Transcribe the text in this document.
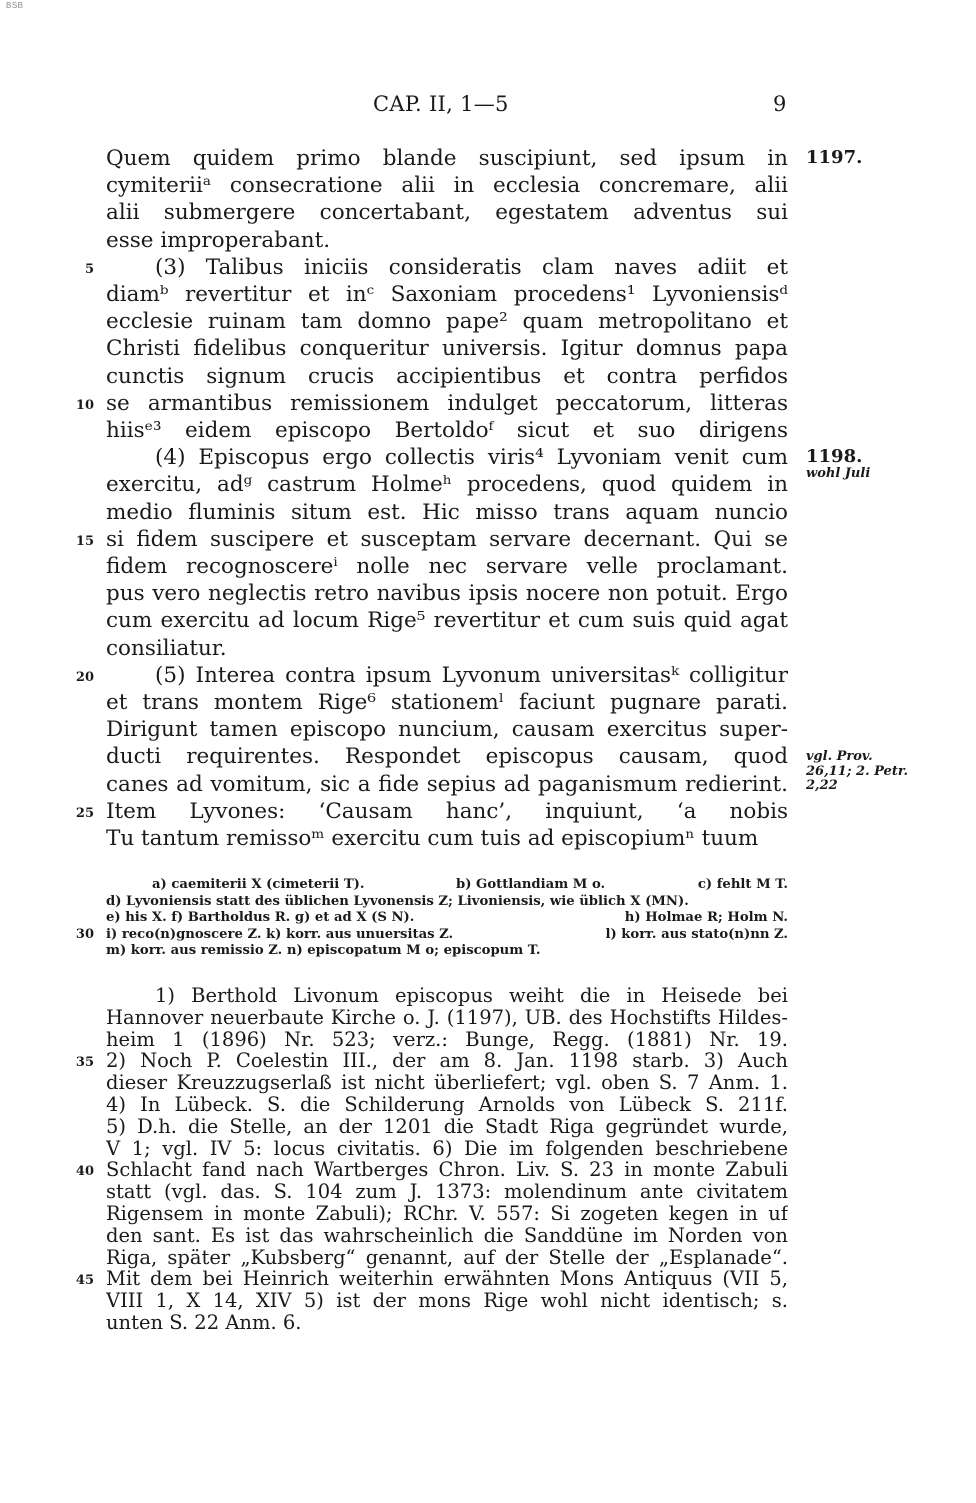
BSB
CAP. II, 1—5	9
Quem quidem primo blande suscipiunt, sed ipsum in
cymiteriiᵃ consecratione alii in ecclesia concremare, alii
alii submergere concertabant, egestatem adventus sui
esse improperabant.
(3) Talibus iniciis consideratis clam naves adiit et
5
diamᵇ revertitur et inᶜ Saxoniam procedens¹ Lyvoniensisᵈ
ecclesie ruinam tam domno pape² quam metropolitano et
Christi fidelibus conqueritur universis. Igitur domnus papa
cunctis signum crucis accipientibus et contra perfidos
se armantibus remissionem indulget peccatorum, litteras
10
hiisᵉ³ eidem episcopo Bertoldoᶠ sicut et suo dirigens
(4) Episcopus ergo collectis viris⁴ Lyvoniam venit cum
exercitu, adᵍ castrum Holmeʰ procedens, quod quidem in
medio fluminis situm est. Hic misso trans aquam nuncio
si fidem suscipere et susceptam servare decernant. Qui se
15
fidem recognoscereⁱ nolle nec servare velle proclamant.
pus vero neglectis retro navibus ipsis nocere non potuit. Ergo
cum exercitu ad locum Rige⁵ revertitur et cum suis quid agat
consiliatur.
(5) Interea contra ipsum Lyvonum universitasᵏ colligitur
20
et trans montem Rige⁶ stationemˡ faciunt pugnare parati.
Dirigunt tamen episcopo nuncium, causam exercitus super-
ducti requirentes. Respondet episcopus causam, quod
canes ad vomitum, sic a fide sepius ad paganismum redierint.
Item Lyvones: ‘Causam hanc’, inquiunt, ‘a nobis
25
Tu tantum remissoᵐ exercitu cum tuis ad episcopiumⁿ tuum
1197.
1198.
wohl Juli
vgl. Prov.
26,11; 2. Petr.
2,22
a) caemiterii X (cimeterii T).	b) Gottlandiam M o.	c) fehlt M T.
d) Lyvoniensis statt des üblichen Lyvonensis Z; Livoniensis, wie üblich X (MN).
e) his X. f) Bartholdus R. g) et ad X (S N).	h) Holmae R; Holm N.
i) reco(n)gnoscere Z. k) korr. aus unuersitas Z.	l) korr. aus stato(n)nn Z.
30
m) korr. aus remissio Z. n) episcopatum M o; episcopum T.
1) Berthold Livonum episcopus weiht die in Heisede bei
Hannover neuerbaute Kirche o. J. (1197), UB. des Hochstifts Hildes-
heim 1 (1896) Nr. 523; verz.: Bunge, Regg. (1881) Nr. 19.
2) Noch P. Coelestin III., der am 8. Jan. 1198 starb. 3) Auch
35
dieser Kreuzzugserlaß ist nicht überliefert; vgl. oben S. 7 Anm. 1.
4) In Lübeck. S. die Schilderung Arnolds von Lübeck S. 211f.
5) D.h. die Stelle, an der 1201 die Stadt Riga gegründet wurde,
V 1; vgl. IV 5: locus civitatis. 6) Die im folgenden beschriebene
Schlacht fand nach Wartberges Chron. Liv. S. 23 in monte Zabuli
40
statt (vgl. das. S. 104 zum J. 1373: molendinum ante civitatem
Rigensem in monte Zabuli); RChr. V. 557: Si zogeten kegen in uf
den sant. Es ist das wahrscheinlich die Sanddüne im Norden von
Riga, später „Kubsberg“ genannt, auf der Stelle der „Esplanade“.
Mit dem bei Heinrich weiterhin erwähnten Mons Antiquus (VII 5,
45
VIII 1, X 14, XIV 5) ist der mons Rige wohl nicht identisch; s.
unten S. 22 Anm. 6.
